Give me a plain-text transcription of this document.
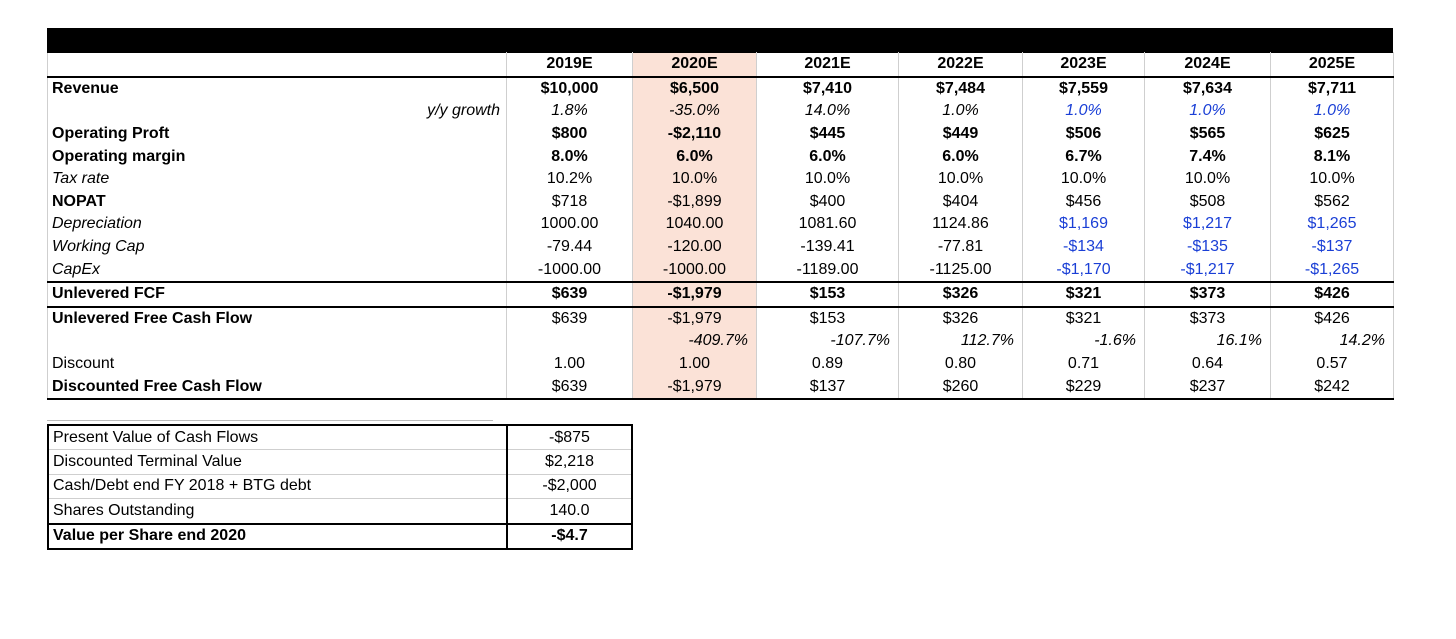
	2019E	2020E	2021E	2022E	2023E	2024E	2025E
Revenue	$10,000	$6,500	$7,410	$7,484	$7,559	$7,634	$7,711
y/y growth	1.8%	-35.0%	14.0%	1.0%	1.0%	1.0%	1.0%
Operating Proft	$800	-$2,110	$445	$449	$506	$565	$625
Operating margin	8.0%	6.0%	6.0%	6.0%	6.7%	7.4%	8.1%
Tax rate	10.2%	10.0%	10.0%	10.0%	10.0%	10.0%	10.0%
NOPAT	$718	-$1,899	$400	$404	$456	$508	$562
Depreciation	1000.00	1040.00	1081.60	1124.86	$1,169	$1,217	$1,265
Working Cap	-79.44	-120.00	-139.41	-77.81	-$134	-$135	-$137
CapEx	-1000.00	-1000.00	-1189.00	-1125.00	-$1,170	-$1,217	-$1,265
Unlevered FCF	$639	-$1,979	$153	$326	$321	$373	$426
Unlevered Free Cash Flow	$639	-$1,979	$153	$326	$321	$373	$426
		-409.7%	-107.7%	112.7%	-1.6%	16.1%	14.2%
Discount	1.00	1.00	0.89	0.80	0.71	0.64	0.57
Discounted Free Cash Flow	$639	-$1,979	$137	$260	$229	$237	$242
Present Value of Cash Flows	-$875
Discounted Terminal Value	$2,218
Cash/Debt end FY 2018 + BTG debt	-$2,000
Shares Outstanding	140.0
Value per Share end 2020	-$4.7
